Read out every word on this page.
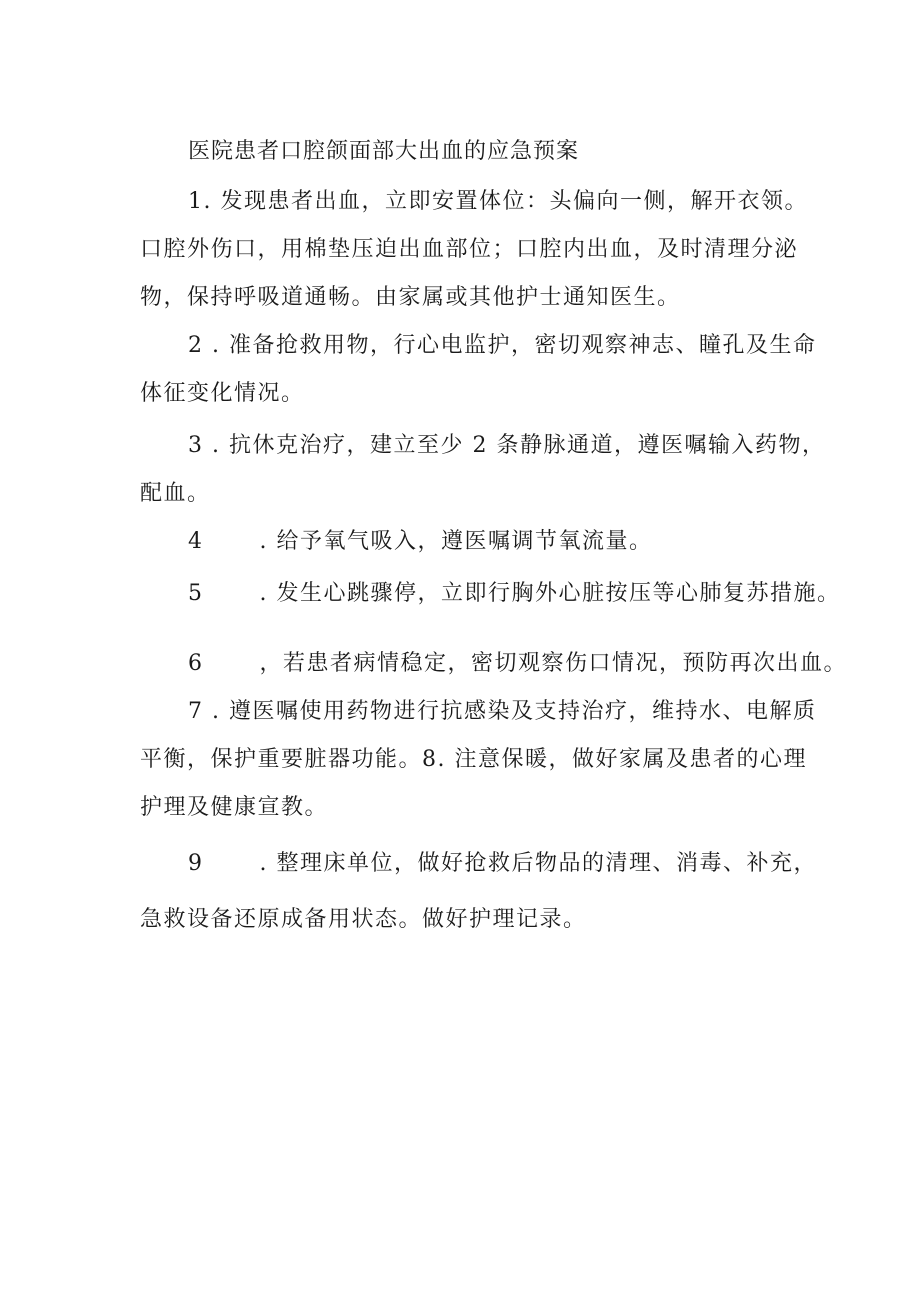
医院患者口腔颌面部大出血的应急预案
1. 发现患者出血，立即安置体位：头偏向一侧，解开衣领。
口腔外伤口，用棉垫压迫出血部位；口腔内出血，及时清理分泌
物，保持呼吸道通畅。由家属或其他护士通知医生。
2 . 准备抢救用物，行心电监护，密切观察神志、瞳孔及生命
体征变化情况。
3 . 抗休克治疗，建立至少 2 条静脉通道，遵医嘱输入药物，
配血。
4	. 给予氧气吸入，遵医嘱调节氧流量。
5	. 发生心跳骤停，立即行胸外心脏按压等心肺复苏措施。
6	，若患者病情稳定，密切观察伤口情况，预防再次出血。
7 . 遵医嘱使用药物进行抗感染及支持治疗，维持水、电解质
平衡，保护重要脏器功能。8. 注意保暖，做好家属及患者的心理
护理及健康宣教。
9	. 整理床单位，做好抢救后物品的清理、消毒、补充，
急救设备还原成备用状态。做好护理记录。
